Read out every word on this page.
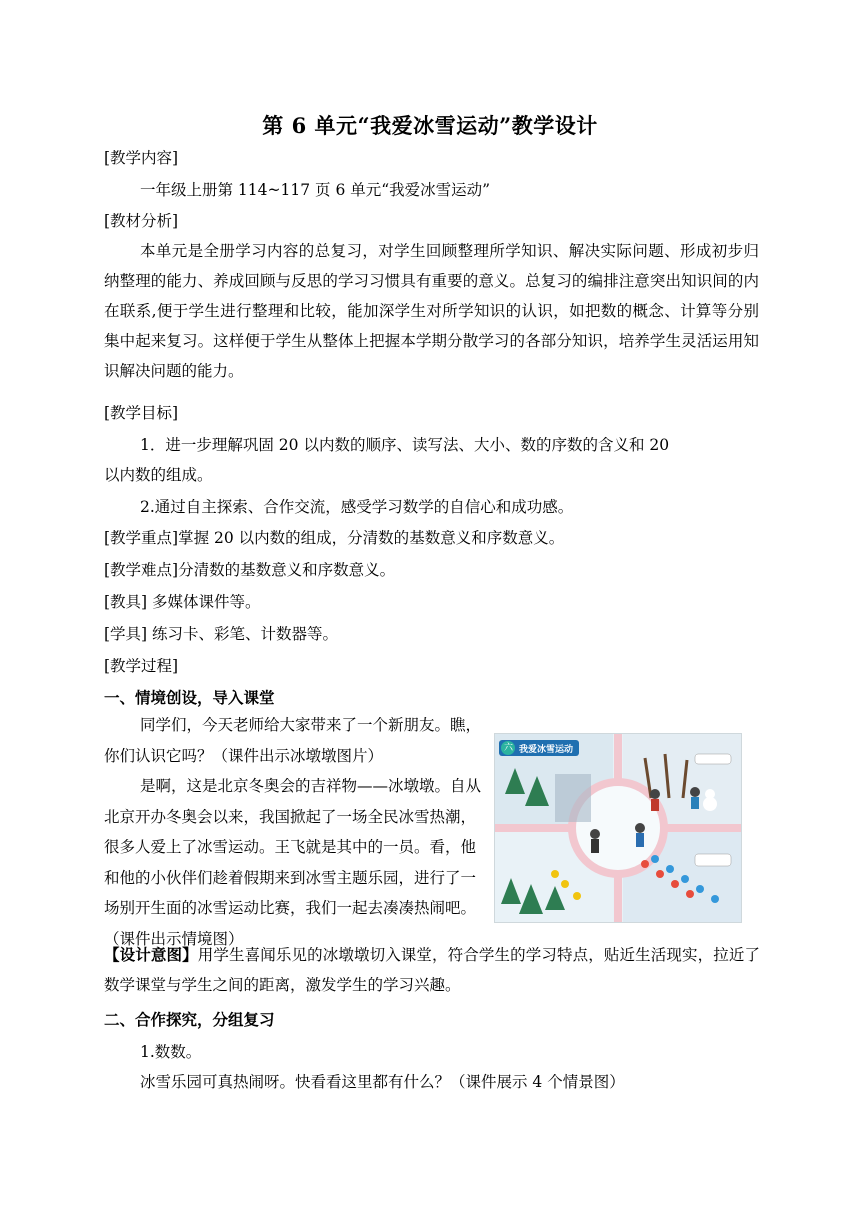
第 6 单元“我爱冰雪运动”教学设计
[教学内容]
一年级上册第 114~117 页 6 单元“我爱冰雪运动”
[教材分析]
本单元是全册学习内容的总复习，对学生回顾整理所学知识、解决实际问题、形成初步归纳整理的能力、养成回顾与反思的学习习惯具有重要的意义。总复习的编排注意突出知识间的内在联系,便于学生进行整理和比较，能加深学生对所学知识的认识，如把数的概念、计算等分别集中起来复习。这样便于学生从整体上把握本学期分散学习的各部分知识，培养学生灵活运用知识解决问题的能力。
[教学目标]
1．进一步理解巩固 20 以内数的顺序、读写法、大小、数的序数的含义和 20
以内数的组成。
2.通过自主探索、合作交流，感受学习数学的自信心和成功感。
[教学重点]掌握 20 以内数的组成，分清数的基数意义和序数意义。
[教学难点]分清数的基数意义和序数意义。
[教具] 多媒体课件等。
[学具] 练习卡、彩笔、计数器等。
[教学过程]
一、情境创设，导入课堂
同学们，今天老师给大家带来了一个新朋友。瞧，你们认识它吗？（课件出示冰墩墩图片）
是啊，这是北京冬奥会的吉祥物——冰墩墩。自从北京开办冬奥会以来，我国掀起了一场全民冰雪热潮，很多人爱上了冰雪运动。王飞就是其中的一员。看，他和他的小伙伴们趁着假期来到冰雪主题乐园，进行了一场别开生面的冰雪运动比赛，我们一起去凑凑热闹吧。（课件出示情境图）
六 我爱冰雪运动
【设计意图】用学生喜闻乐见的冰墩墩切入课堂，符合学生的学习特点，贴近生活现实，拉近了数学课堂与学生之间的距离，激发学生的学习兴趣。
二、合作探究，分组复习
1.数数。
冰雪乐园可真热闹呀。快看看这里都有什么？（课件展示 4 个情景图）
